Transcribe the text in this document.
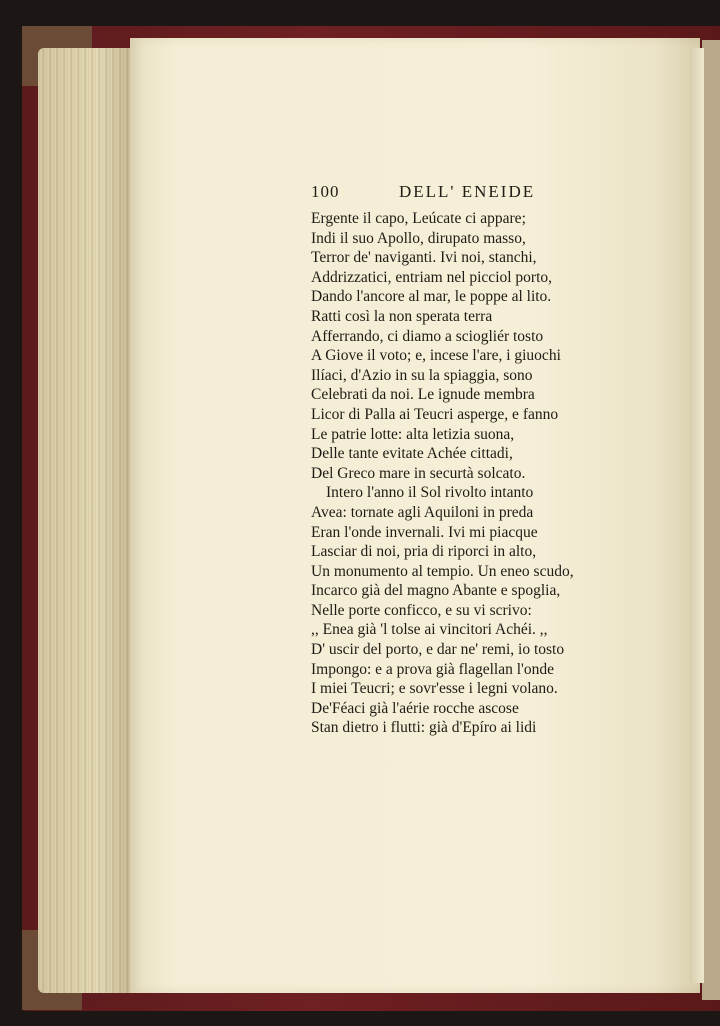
100	DELL' ENEIDE
Ergente il capo, Leúcate ci appare;
Indi il suo Apollo, dirupato masso,
Terror de' naviganti. Ivi noi, stanchi,
Addrizzatici, entriam nel picciol porto,
Dando l'ancore al mar, le poppe al lito.
Ratti così la non sperata terra
Afferrando, ci diamo a sciogliér tosto
A Giove il voto; e, incese l'are, i giuochi
Ilíaci, d'Azio in su la spiaggia, sono
Celebrati da noi. Le ignude membra
Licor di Palla ai Teucri asperge, e fanno
Le patrie lotte: alta letizia suona,
Delle tante evitate Achée cittadi,
Del Greco mare in securtà solcato.
Intero l'anno il Sol rivolto intanto
Avea: tornate agli Aquiloni in preda
Eran l'onde invernali. Ivi mi piacque
Lasciar di noi, pria di riporci in alto,
Un monumento al tempio. Un eneo scudo,
Incarco già del magno Abante e spoglia,
Nelle porte conficco, e su vi scrivo:
,, Enea già 'l tolse ai vincitori Achéi. ,,
D' uscir del porto, e dar ne' remi, io tosto
Impongo: e a prova già flagellan l'onde
I miei Teucri; e sovr'esse i legni volano.
De'Féaci già l'aérie rocche ascose
Stan dietro i flutti: già d'Epíro ai lidi
